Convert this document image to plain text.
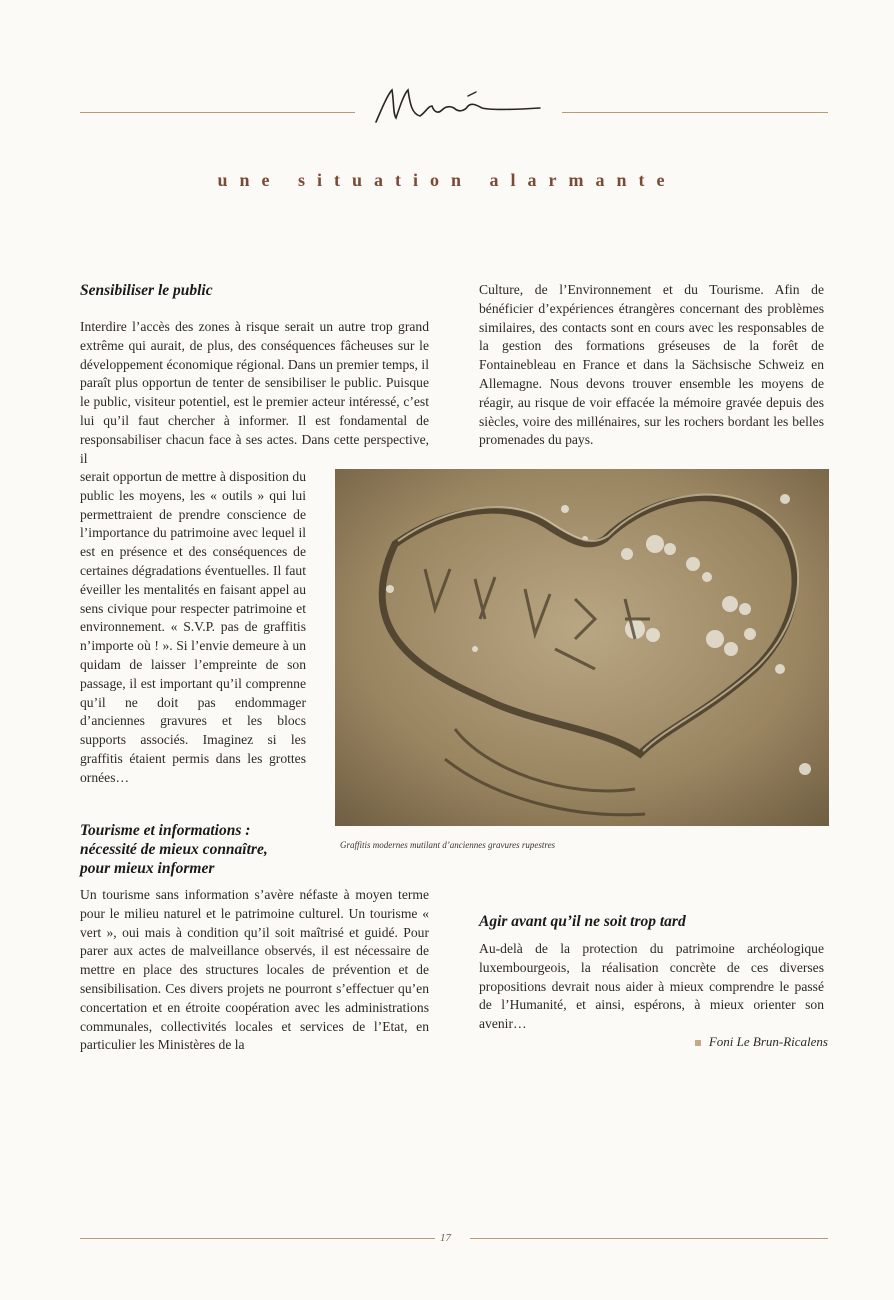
une situation alarmante
Sensibiliser le public

Interdire l’accès des zones à risque serait un autre trop grand extrême qui aurait, de plus, des conséquences fâcheuses sur le développement économique régional. Dans un premier temps, il paraît plus opportun de tenter de sensibiliser le public. Puisque le public, visiteur potentiel, est le premier acteur intéressé, c’est lui qu’il faut chercher à informer. Il est fondamental de responsabiliser chacun face à ses actes. Dans cette perspective, il

serait opportun de mettre à disposition du public les moyens, les « outils » qui lui permettraient de prendre conscience de l’importance du patrimoine avec lequel il est en présence et des conséquences de certaines dégradations éventuelles. Il faut éveiller les mentalités en faisant appel au sens civique pour respecter patrimoine et environnement. « S.V.P. pas de graffitis n’importe où ! ». Si l’envie demeure à un quidam de laisser l’empreinte de son passage, il est important qu’il comprenne qu’il ne doit pas endommager d’anciennes gravures et les blocs supports associés. Imaginez si les graffitis étaient permis dans les grottes ornées…

Tourisme et informations :
nécessité de mieux connaître,
pour mieux informer

Un tourisme sans information s’avère néfaste à moyen terme pour le milieu naturel et le patrimoine culturel. Un tourisme « vert », oui mais à condition qu’il soit maîtrisé et guidé. Pour parer aux actes de malveillance observés, il est nécessaire de mettre en place des structures locales de prévention et de sensibilisation. Ces divers projets ne pourront s’effectuer qu’en concertation et en étroite coopération avec les administrations communales, collectivités locales et services de l’Etat, en particulier les Ministères de la

Culture, de l’Environnement et du Tourisme. Afin de bénéficier d’expériences étrangères concernant des problèmes similaires, des contacts sont en cours avec les responsables de la gestion des formations gréseuses de la forêt de Fontainebleau en France et dans la Sächsische Schweiz en Allemagne. Nous devons trouver ensemble les moyens de réagir, au risque de voir effacée la mémoire gravée depuis des siècles, voire des millénaires, sur les rochers bordant les belles promenades du pays.

Graffitis modernes mutilant d’anciennes gravures rupestres

Agir avant qu’il ne soit trop tard

Au-delà de la protection du patrimoine archéologique luxembourgeois, la réalisation concrète de ces diverses propositions devrait nous aider à mieux comprendre le passé de l’Humanité, et ainsi, espérons, à mieux orienter son avenir…

Foni Le Brun-Ricalens

17
